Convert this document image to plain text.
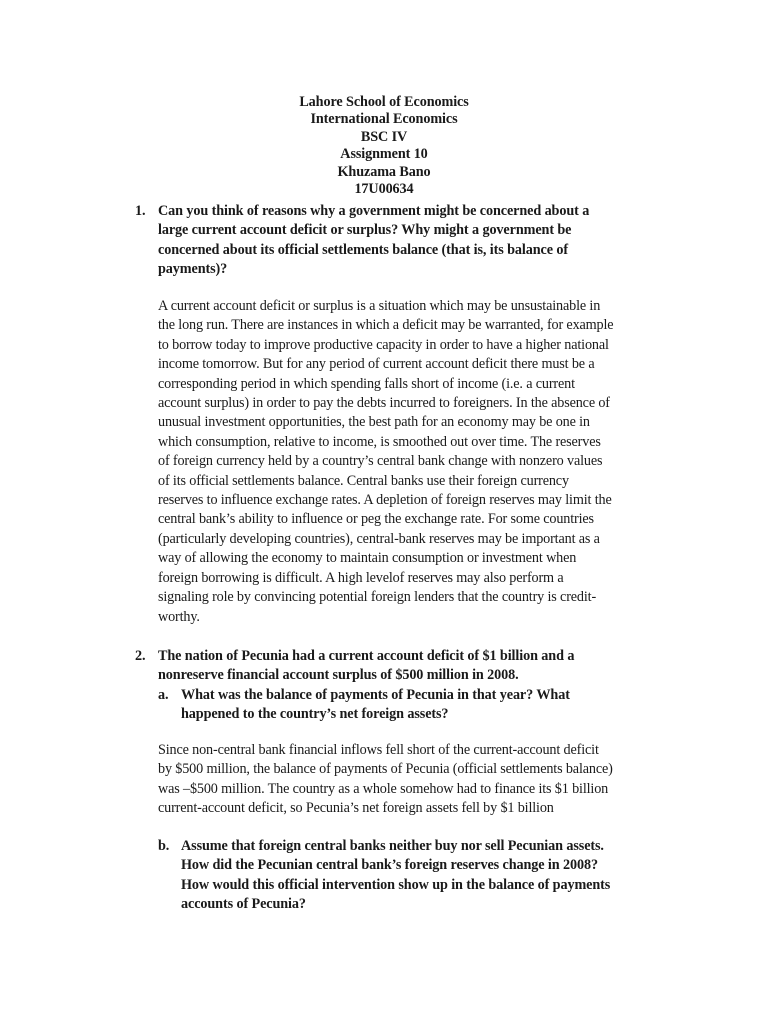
Lahore School of Economics
International Economics
BSC IV
Assignment 10
Khuzama Bano
17U00634
1. Can you think of reasons why a government might be concerned about a
large current account deficit or surplus? Why might a government be
concerned about its official settlements balance (that is, its balance of
payments)?
A current account deficit or surplus is a situation which may be unsustainable in
the long run. There are instances in which a deficit may be warranted, for example
to borrow today to improve productive capacity in order to have a higher national
income tomorrow. But for any period of current account deficit there must be a
corresponding period in which spending falls short of income (i.e. a current
account surplus) in order to pay the debts incurred to foreigners. In the absence of
unusual investment opportunities, the best path for an economy may be one in
which consumption, relative to income, is smoothed out over time. The reserves
of foreign currency held by a country’s central bank change with nonzero values
of its official settlements balance. Central banks use their foreign currency
reserves to influence exchange rates. A depletion of foreign reserves may limit the
central bank’s ability to influence or peg the exchange rate. For some countries
(particularly developing countries), central-bank reserves may be important as a
way of allowing the economy to maintain consumption or investment when
foreign borrowing is difficult. A high levelof reserves may also perform a
signaling role by convincing potential foreign lenders that the country is credit-
worthy.
2. The nation of Pecunia had a current account deficit of $1 billion and a
nonreserve financial account surplus of $500 million in 2008.
a. What was the balance of payments of Pecunia in that year? What
happened to the country’s net foreign assets?
Since non-central bank financial inflows fell short of the current-account deficit
by $500 million, the balance of payments of Pecunia (official settlements balance)
was –$500 million. The country as a whole somehow had to finance its $1 billion
current-account deficit, so Pecunia’s net foreign assets fell by $1 billion
b. Assume that foreign central banks neither buy nor sell Pecunian assets.
How did the Pecunian central bank’s foreign reserves change in 2008?
How would this official intervention show up in the balance of payments
accounts of Pecunia?
